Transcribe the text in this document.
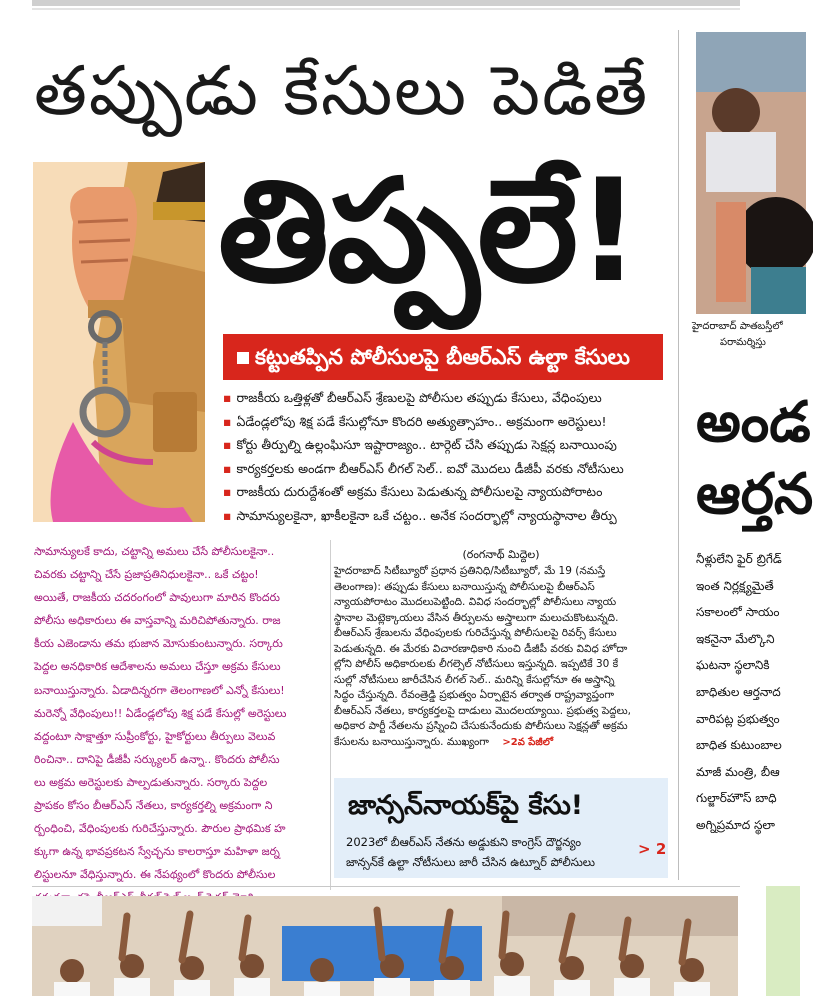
తప్పుడు కేసులు పెడితే
తిప్పలే!
కట్టుతప్పిన పోలీసులపై బీఆర్ఎస్ ఉల్టా కేసులు
▪ రాజకీయ ఒత్తిళ్లతో బీఆర్ఎస్ శ్రేణులపై పోలీసుల తప్పుడు కేసులు, వేధింపులు
▪ ఏడేండ్లలోపు శిక్ష పడే కేసుల్లోనూ కొందరి అత్యుత్సాహం.. అక్రమంగా అరెస్టులు!
▪ కోర్టు తీర్పుల్ని ఉల్లంఘిసూ ఇష్టారాజ్యం.. టార్గెట్ చేసి తప్పుడు సెక్షన్ల బనాయింపు
▪ కార్యకర్తలకు అండగా బీఆర్ఎస్ లీగల్ సెల్.. ఐవో మొదలు డీజీపీ వరకు నోటీసులు
▪ రాజకీయ దురుద్దేశంతో అక్రమ కేసులు పెడుతున్న పోలీసులపై న్యాయపోరాటం
▪ సామాన్యులకైనా, ఖాకీలకైనా ఒకే చట్టం.. అనేక సందర్భాల్లో న్యాయస్థానాల తీర్పు
సామాన్యులకే కాదు, చట్టాన్ని అమలు చేసే పోలీసులకైనా..
చివరకు చట్టాన్ని చేసే ప్రజాప్రతినిధులకైనా.. ఒకే చట్టం!
అయితే, రాజకీయ చదరంగంలో పావులుగా మారిన కొందరు
పోలీసు అధికారులు ఈ వాస్తవాన్ని మరిచిపోతున్నారు. రాజ
కీయ ఎజెండాను తమ భుజాన మోసుకుంటున్నారు. సర్కారు
పెద్దల అనధికారిక ఆదేశాలను అమలు చేస్తూ అక్రమ కేసులు
బనాయిస్తున్నారు. ఏడాదిన్నరగా తెలంగాణలో ఎన్నో కేసులు!
మరెన్నో వేధింపులు!! ఏడేండ్లలోపు శిక్ష పడే కేసుల్లో అరెస్టులు
వద్దంటూ సాక్షాత్తూ సుప్రీంకోర్టు, హైకోర్టులు తీర్పులు వెలువ
రించినా.. దానిపై డీజీపీ సర్క్యులర్ ఉన్నా.. కొందరు పోలీసు
లు అక్రమ అరెస్టులకు పాల్పడుతున్నారు. సర్కారు పెద్దల
ప్రాపకం కోసం బీఆర్ఎస్ నేతలు, కార్యకర్తల్ని అక్రమంగా ని
ర్బంధించి, వేధింపులకు గురిచేస్తున్నారు. పౌరుల ప్రాథమిక హ
క్కుగా ఉన్న భావప్రకటన స్వేచ్ఛను కాలరాస్తూ మహిళా జర్న
లిస్టులనూ వేధిస్తున్నారు. ఈ నేపథ్యంలో కొందరు పోలీసుల
(రంగనాథ్ మిద్దెల)
హైదరాబాద్ సిటీబ్యూరో ప్రధాన ప్రతినిధి/సిటీబ్యూరో, మే 19 (నమస్తే
తెలంగాణ): తప్పుడు కేసులు బనాయిస్తున్న పోలీసులపై బీఆర్ఎస్
న్యాయపోరాటం మొదలుపెట్టింది. వివిధ సందర్భాల్లో పోలీసులు న్యాయ
స్థానాల మెట్లెక్కాయలు వేసిన తీర్పులను అస్త్రాలుగా మలుచుకొంటున్నది.
బీఆర్ఎస్ శ్రేణులను వేధింపులకు గురిచేస్తున్న పోలీసులపై రివర్స్ కేసులు
పెడుతున్నది. ఈ మేరకు విచారణాధికారి నుంచి డీజీపీ వరకు వివిధ హోదా
ల్లోని పోలీస్ అధికారులకు లీగల్సెల్ నోటీసులు ఇస్తున్నది. ఇప్పటికే 30 కే
సుల్లో నోటీసులు జారీచేసిన లీగల్ సెల్.. మరిన్ని కేసుల్లోనూ ఈ అస్త్రాన్ని
సిద్ధం చేస్తున్నది. రేవంత్రెడ్డి ప్రభుత్వం ఏర్పాటైన తర్వాత రాష్ట్రవ్యాప్తంగా
బీఆర్ఎస్ నేతలు, కార్యకర్తలపై దాడులు మొదలయ్యాయి. ప్రభుత్వ పెద్దలు,
అధికార పార్టీ నేతలను ప్రస్నించి చేసుకునేందుకు పోలీసులు సెక్షన్లతో అక్రమ
కేసులను బనాయిస్తున్నారు. ముఖ్యంగా >2వ పేజీలో
జాన్సన్‌నాయక్‌పై కేసు!
2023లో బీఆర్ఎస్ నేతను అడ్డుకుని కాంగ్రెస్ దౌర్జన్యం
జాన్సన్‌కే ఉల్టా నోటీసులు జారీ చేసిన ఉట్నూర్ పోలీసులు
> 2
హైదరాబాద్ పాతబస్తీలో
పరామర్శిస్తు
అండ
ఆర్తన
నీళ్లులేని ఫైర్ బ్రిగేడ్
ఇంత నిర్లక్ష్యమైతే
సకాలంలో సాయం
ఇకనైనా మేల్కొని
ఘటనా స్థలానికి
బాధితుల ఆర్తనాద
వారిపట్ల ప్రభుత్వం
బాధిత కుటుంబాల
మాజీ మంత్రి, బీఆ
గుల్జార్‌హౌస్ బాధి
అగ్నిప్రమాద స్థలా
